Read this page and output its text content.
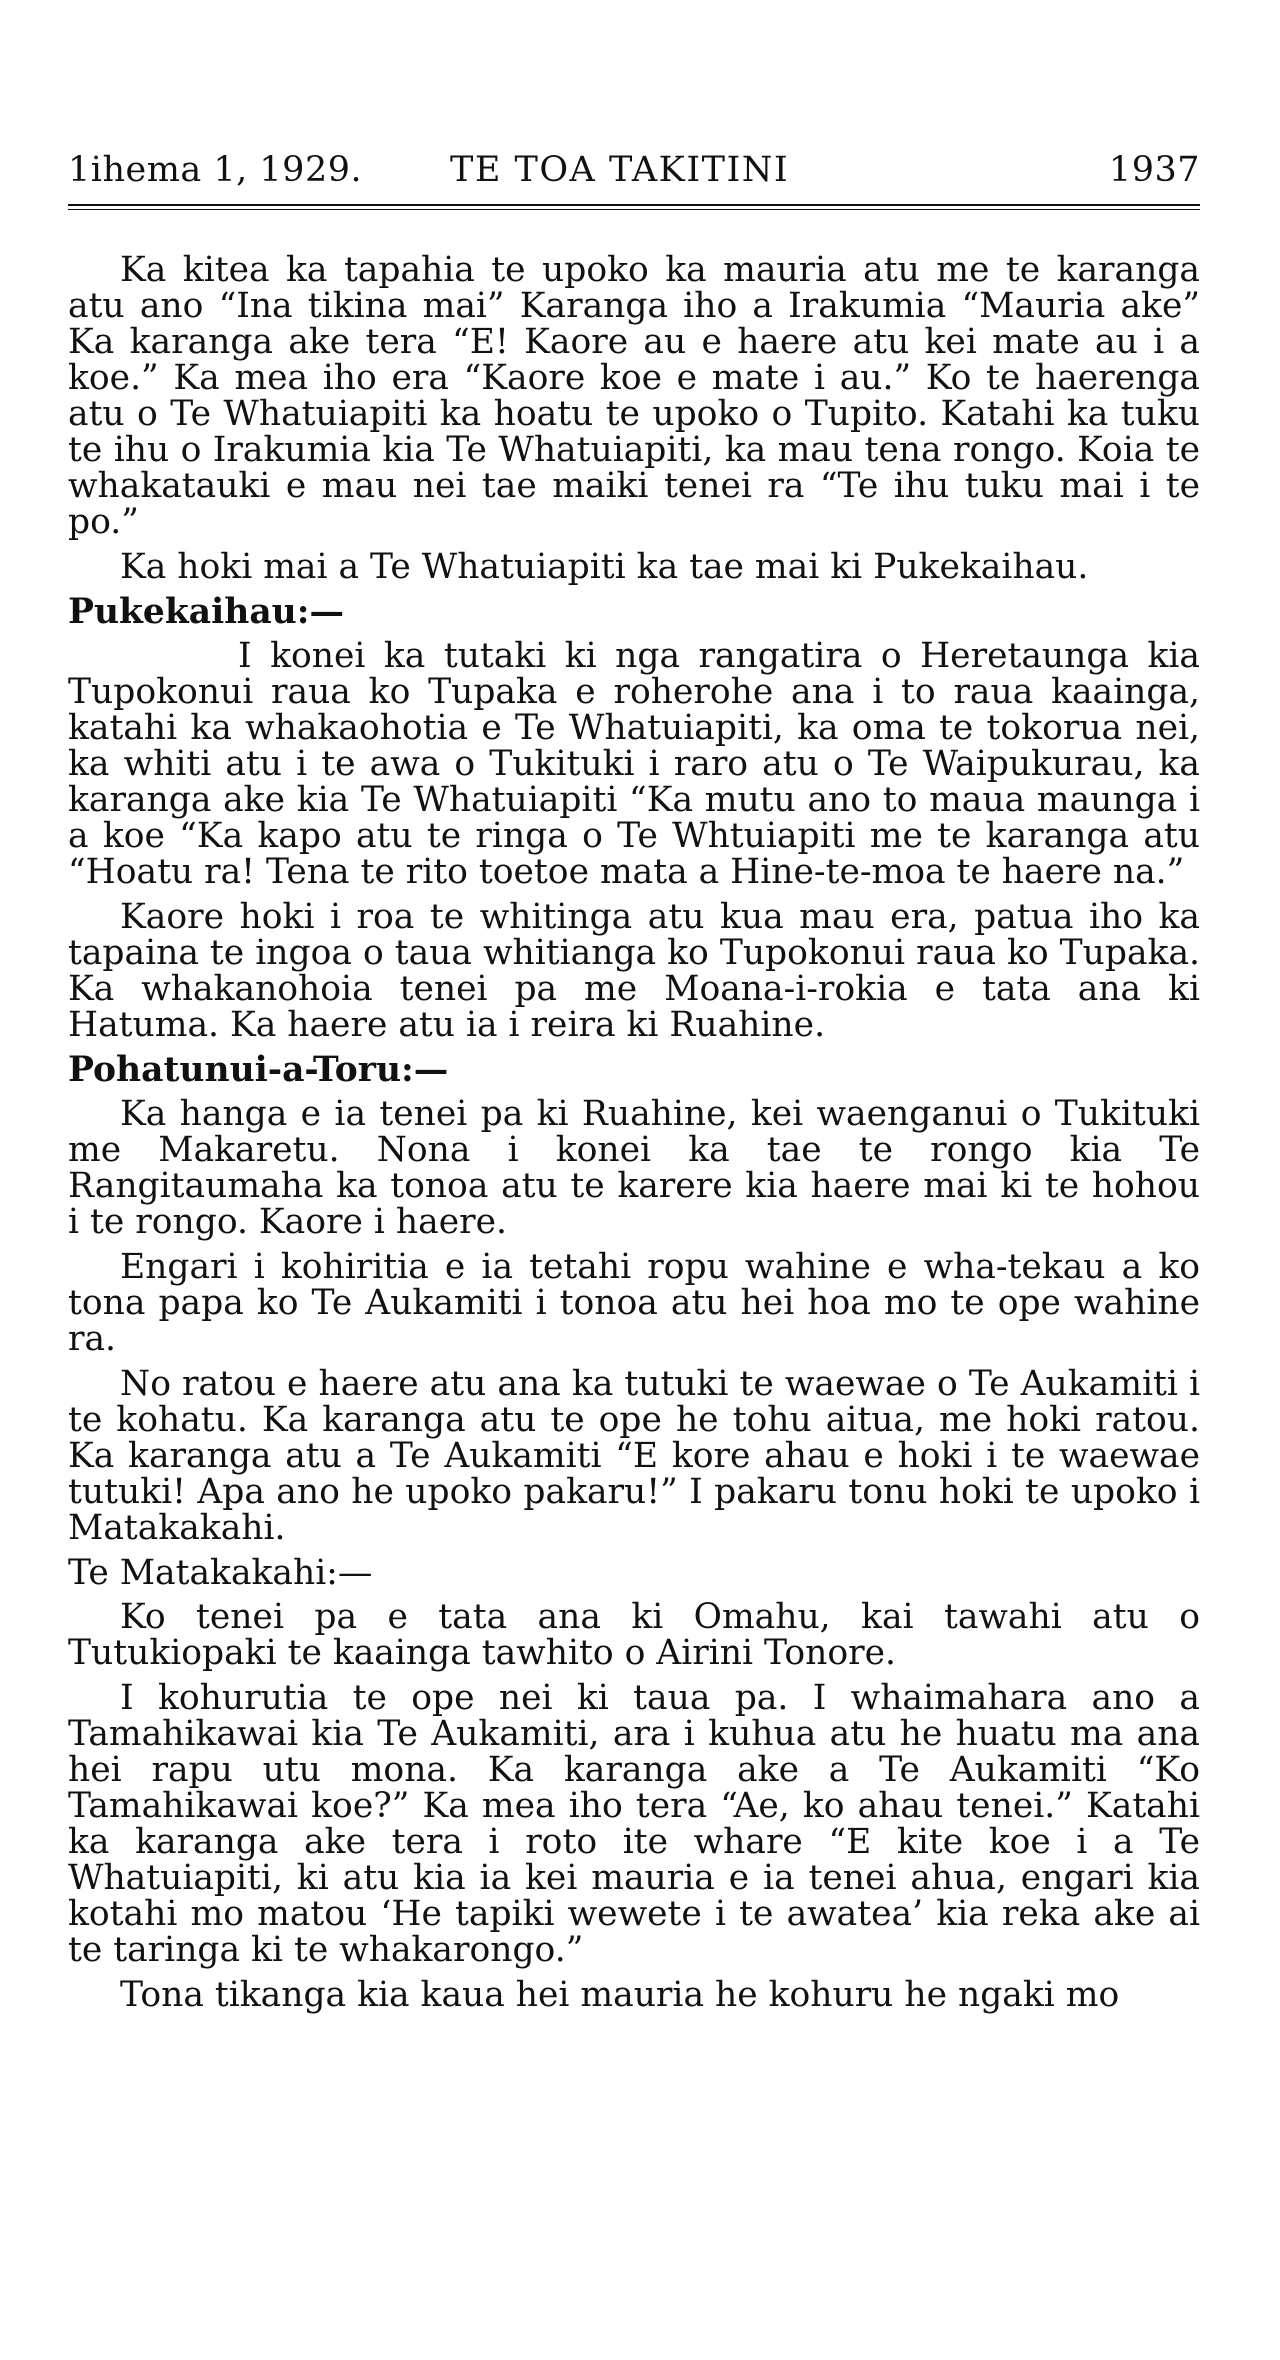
1ihema 1, 1929.	TE TOA TAKITINI	1937

Ka kitea ka tapahia te upoko ka mauria atu me te karanga atu ano “Ina tikina mai” Karanga iho a Irakumia “Mauria ake” Ka karanga ake tera “E! Kaore au e haere atu kei mate au i a koe.” Ka mea iho era “Kaore koe e mate i au.” Ko te haerenga atu o Te Whatuiapiti ka hoatu te upoko o Tupito. Katahi ka tuku te ihu o Irakumia kia Te Whatuiapiti, ka mau tena rongo. Koia te whakatauki e mau nei tae maiki tenei ra “Te ihu tuku mai i te po.”

Ka hoki mai a Te Whatuiapiti ka tae mai ki Pukekaihau.

Pukekaihau:—

I konei ka tutaki ki nga rangatira o Heretaunga kia Tupokonui raua ko Tupaka e roherohe ana i to raua kaainga, katahi ka whakaohotia e Te Whatuiapiti, ka oma te tokorua nei, ka whiti atu i te awa o Tukituki i raro atu o Te Waipukurau, ka karanga ake kia Te Whatuiapiti “Ka mutu ano to maua maunga i a koe “Ka kapo atu te ringa o Te Whtuiapiti me te karanga atu “Hoatu ra! Tena te rito toetoe mata a Hine-te-moa te haere na.”

Kaore hoki i roa te whitinga atu kua mau era, patua iho ka tapaina te ingoa o taua whitianga ko Tupokonui raua ko Tupaka. Ka whakanohoia tenei pa me Moana-i-rokia e tata ana ki Hatuma. Ka haere atu ia i reira ki Ruahine.

Pohatunui-a-Toru:—

Ka hanga e ia tenei pa ki Ruahine, kei waenganui o Tukituki me Makaretu. Nona i konei ka tae te rongo kia Te Rangitaumaha ka tonoa atu te karere kia haere mai ki te hohou i te rongo. Kaore i haere.

Engari i kohiritia e ia tetahi ropu wahine e wha-tekau a ko tona papa ko Te Aukamiti i tonoa atu hei hoa mo te ope wahine ra.

No ratou e haere atu ana ka tutuki te waewae o Te Aukamiti i te kohatu. Ka karanga atu te ope he tohu aitua, me hoki ratou. Ka karanga atu a Te Aukamiti “E kore ahau e hoki i te waewae tutuki! Apa ano he upoko pakaru!” I pakaru tonu hoki te upoko i Matakakahi.

Te Matakakahi:—

Ko tenei pa e tata ana ki Omahu, kai tawahi atu o Tutukiopaki te kaainga tawhito o Airini Tonore.

I kohurutia te ope nei ki taua pa. I whaimahara ano a Tamahikawai kia Te Aukamiti, ara i kuhua atu he huatu ma ana hei rapu utu mona. Ka karanga ake a Te Aukamiti “Ko Tamahikawai koe?” Ka mea iho tera “Ae, ko ahau tenei.” Katahi ka karanga ake tera i roto ite whare “E kite koe i a Te Whatuiapiti, ki atu kia ia kei mauria e ia tenei ahua, engari kia kotahi mo matou ‘He tapiki wewete i te awatea’ kia reka ake ai te taringa ki te whakarongo.”

Tona tikanga kia kaua hei mauria he kohuru he ngaki mo
